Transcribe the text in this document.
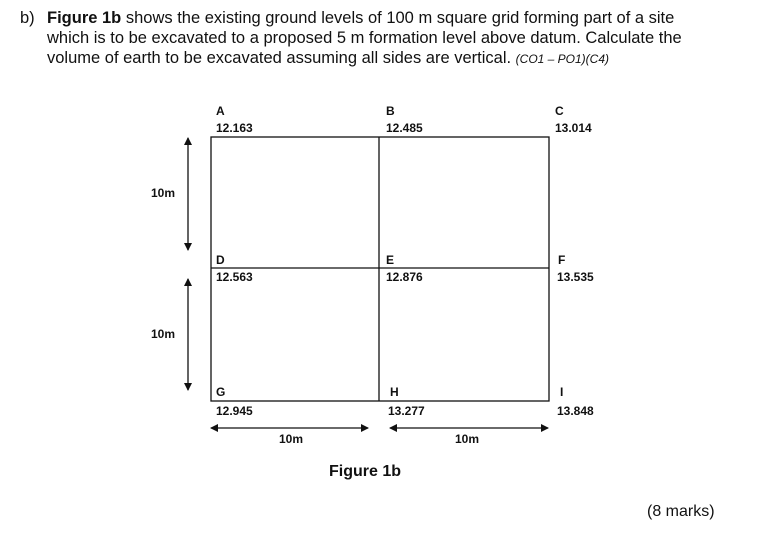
b) Figure 1b shows the existing ground levels of 100 m square grid forming part of a site
which is to be excavated to a proposed 5 m formation level above datum. Calculate the
volume of earth to be excavated assuming all sides are vertical. (CO1 – PO1)(C4)
A
12.163
B
12.485
C
13.014
D
12.563
E
12.876
F
13.535
G
12.945
H
13.277
I
13.848
10m
10m
10m	10m
Figure 1b
(8 marks)
